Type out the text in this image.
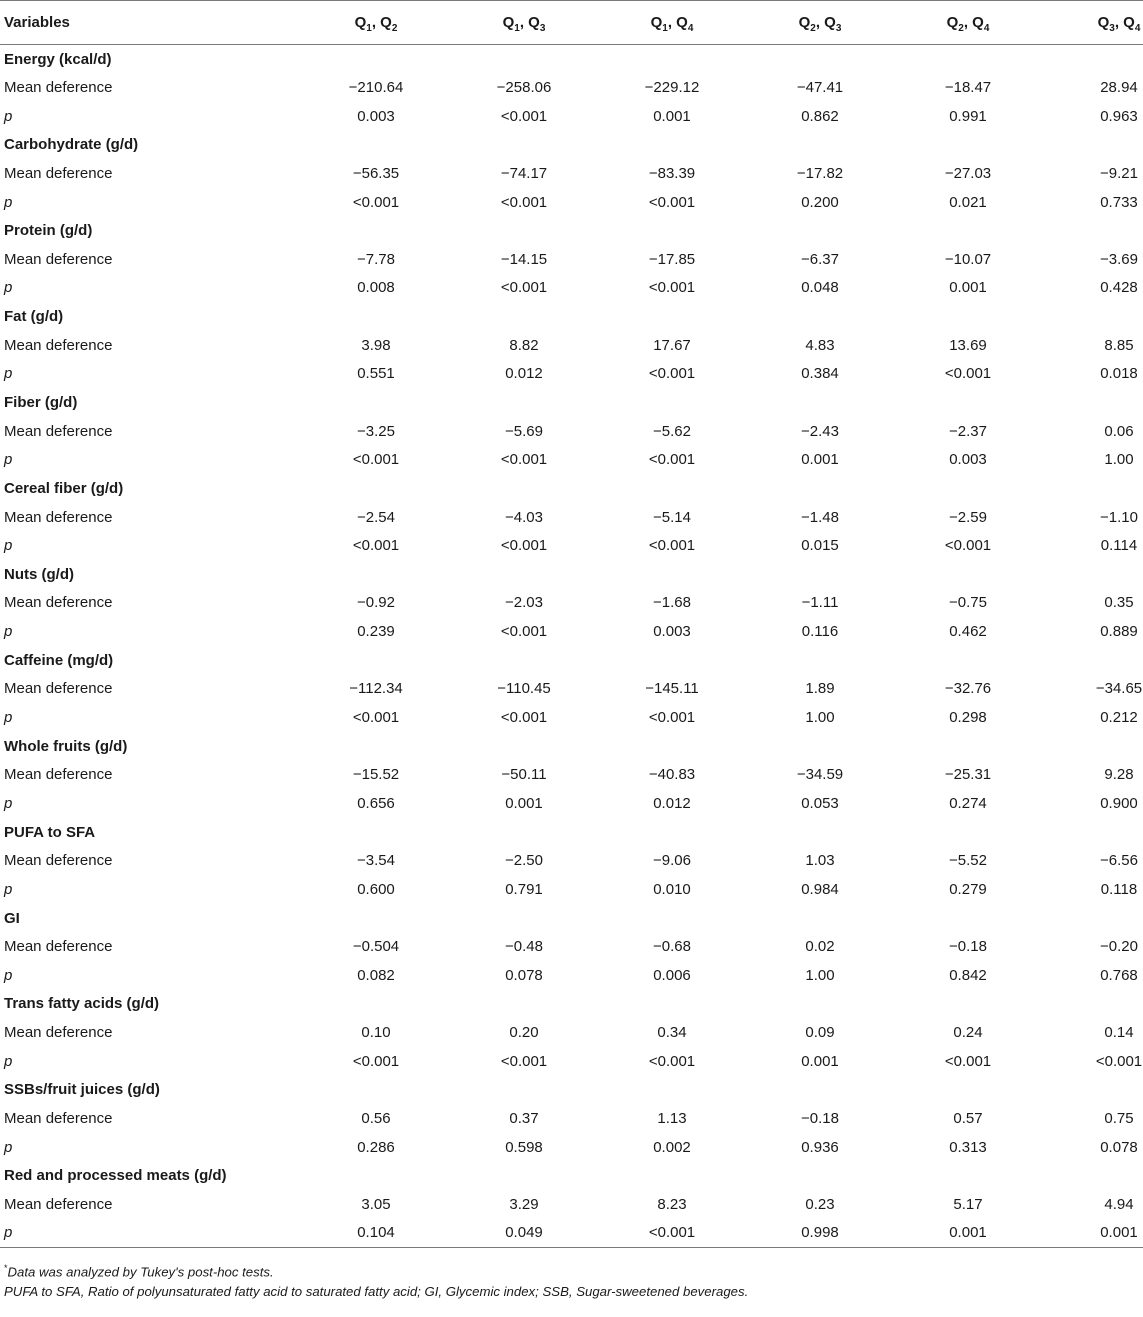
Variables	$Q_1$, $Q_2$	$Q_1$, $Q_3$	$Q_1$, $Q_4$	$Q_2$, $Q_3$	$Q_2$, $Q_4$	$Q_3$, $Q_4$
Energy (kcal/d)						
Mean deference	−210.64	−258.06	−229.12	−47.41	−18.47	28.94
p	0.003	<0.001	0.001	0.862	0.991	0.963
Carbohydrate (g/d)						
Mean deference	−56.35	−74.17	−83.39	−17.82	−27.03	−9.21
p	<0.001	<0.001	<0.001	0.200	0.021	0.733
Protein (g/d)						
Mean deference	−7.78	−14.15	−17.85	−6.37	−10.07	−3.69
p	0.008	<0.001	<0.001	0.048	0.001	0.428
Fat (g/d)						
Mean deference	3.98	8.82	17.67	4.83	13.69	8.85
p	0.551	0.012	<0.001	0.384	<0.001	0.018
Fiber (g/d)						
Mean deference	−3.25	−5.69	−5.62	−2.43	−2.37	0.06
p	<0.001	<0.001	<0.001	0.001	0.003	1.00
Cereal fiber (g/d)						
Mean deference	−2.54	−4.03	−5.14	−1.48	−2.59	−1.10
p	<0.001	<0.001	<0.001	0.015	<0.001	0.114
Nuts (g/d)						
Mean deference	−0.92	−2.03	−1.68	−1.11	−0.75	0.35
p	0.239	<0.001	0.003	0.116	0.462	0.889
Caffeine (mg/d)						
Mean deference	−112.34	−110.45	−145.11	1.89	−32.76	−34.65
p	<0.001	<0.001	<0.001	1.00	0.298	0.212
Whole fruits (g/d)						
Mean deference	−15.52	−50.11	−40.83	−34.59	−25.31	9.28
p	0.656	0.001	0.012	0.053	0.274	0.900
PUFA to SFA						
Mean deference	−3.54	−2.50	−9.06	1.03	−5.52	−6.56
p	0.600	0.791	0.010	0.984	0.279	0.118
GI						
Mean deference	−0.504	−0.48	−0.68	0.02	−0.18	−0.20
p	0.082	0.078	0.006	1.00	0.842	0.768
Trans fatty acids (g/d)						
Mean deference	0.10	0.20	0.34	0.09	0.24	0.14
p	<0.001	<0.001	<0.001	0.001	<0.001	<0.001
SSBs/fruit juices (g/d)						
Mean deference	0.56	0.37	1.13	−0.18	0.57	0.75
p	0.286	0.598	0.002	0.936	0.313	0.078
Red and processed meats (g/d)						
Mean deference	3.05	3.29	8.23	0.23	5.17	4.94
p	0.104	0.049	<0.001	0.998	0.001	0.001
*Data was analyzed by Tukey's post-hoc tests.
PUFA to SFA, Ratio of polyunsaturated fatty acid to saturated fatty acid; GI, Glycemic index; SSB, Sugar-sweetened beverages.
